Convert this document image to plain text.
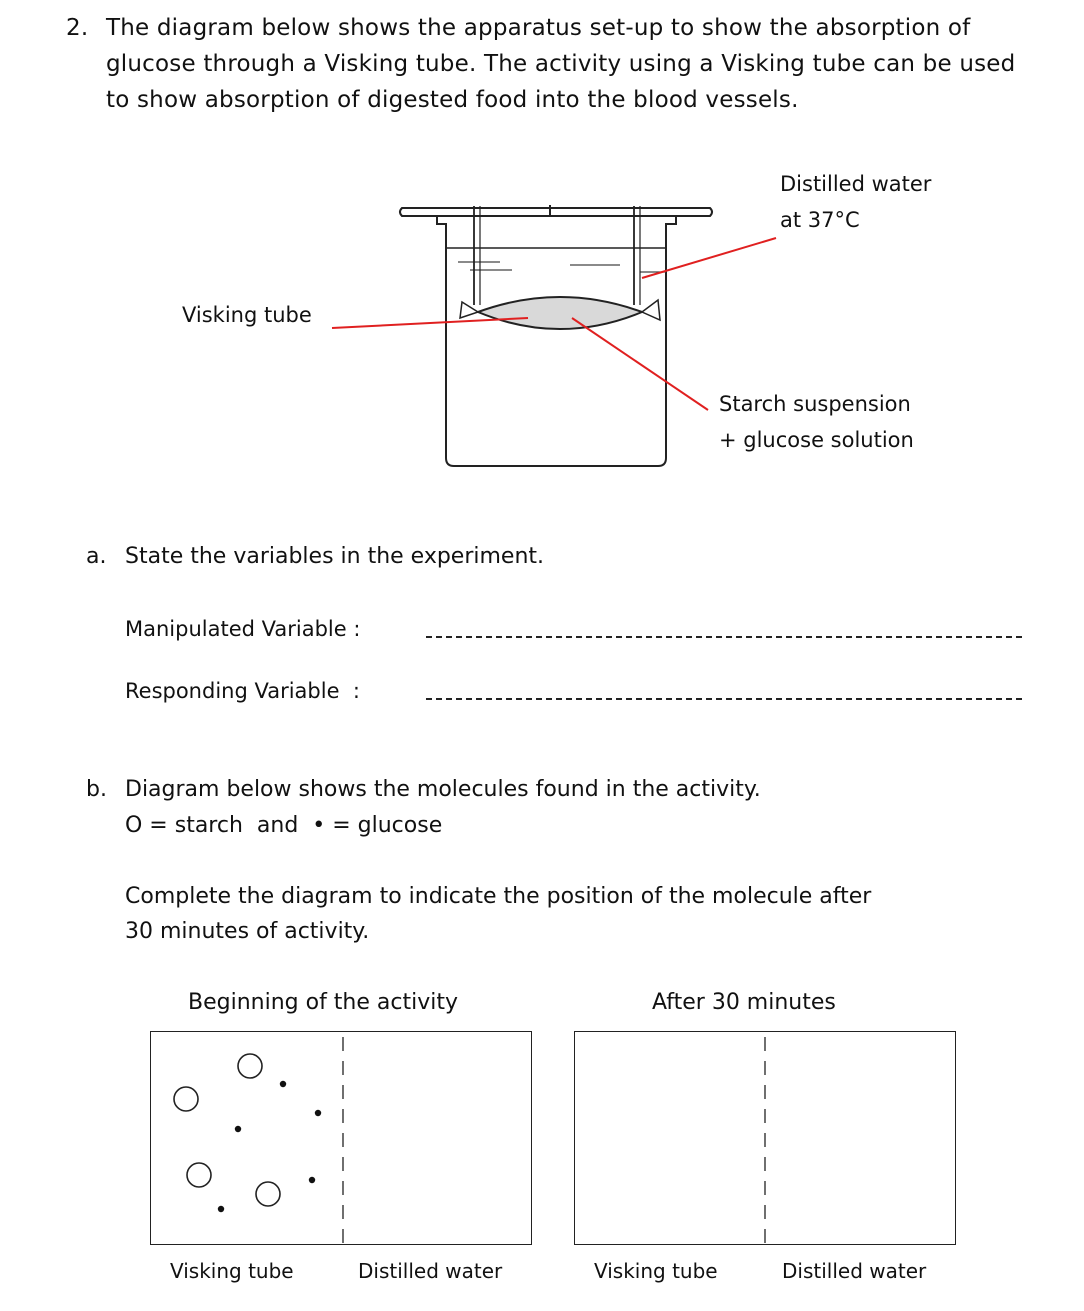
2. The diagram below shows the apparatus set-up to show the absorption of glucose through a Visking tube. The activity using a Visking tube can be used to show absorption of digested food into the blood vessels.
Distilled water
at 37°C
Visking tube
Starch suspension
+ glucose solution
a. State the variables in the experiment.
Manipulated Variable :
Responding Variable  :
b. Diagram below shows the molecules found in the activity.
O = starch  and  • = glucose
Complete the diagram to indicate the position of the molecule after
30 minutes of activity.
Beginning of the activity	After 30 minutes
Visking tube	Distilled water	Visking tube	Distilled water
